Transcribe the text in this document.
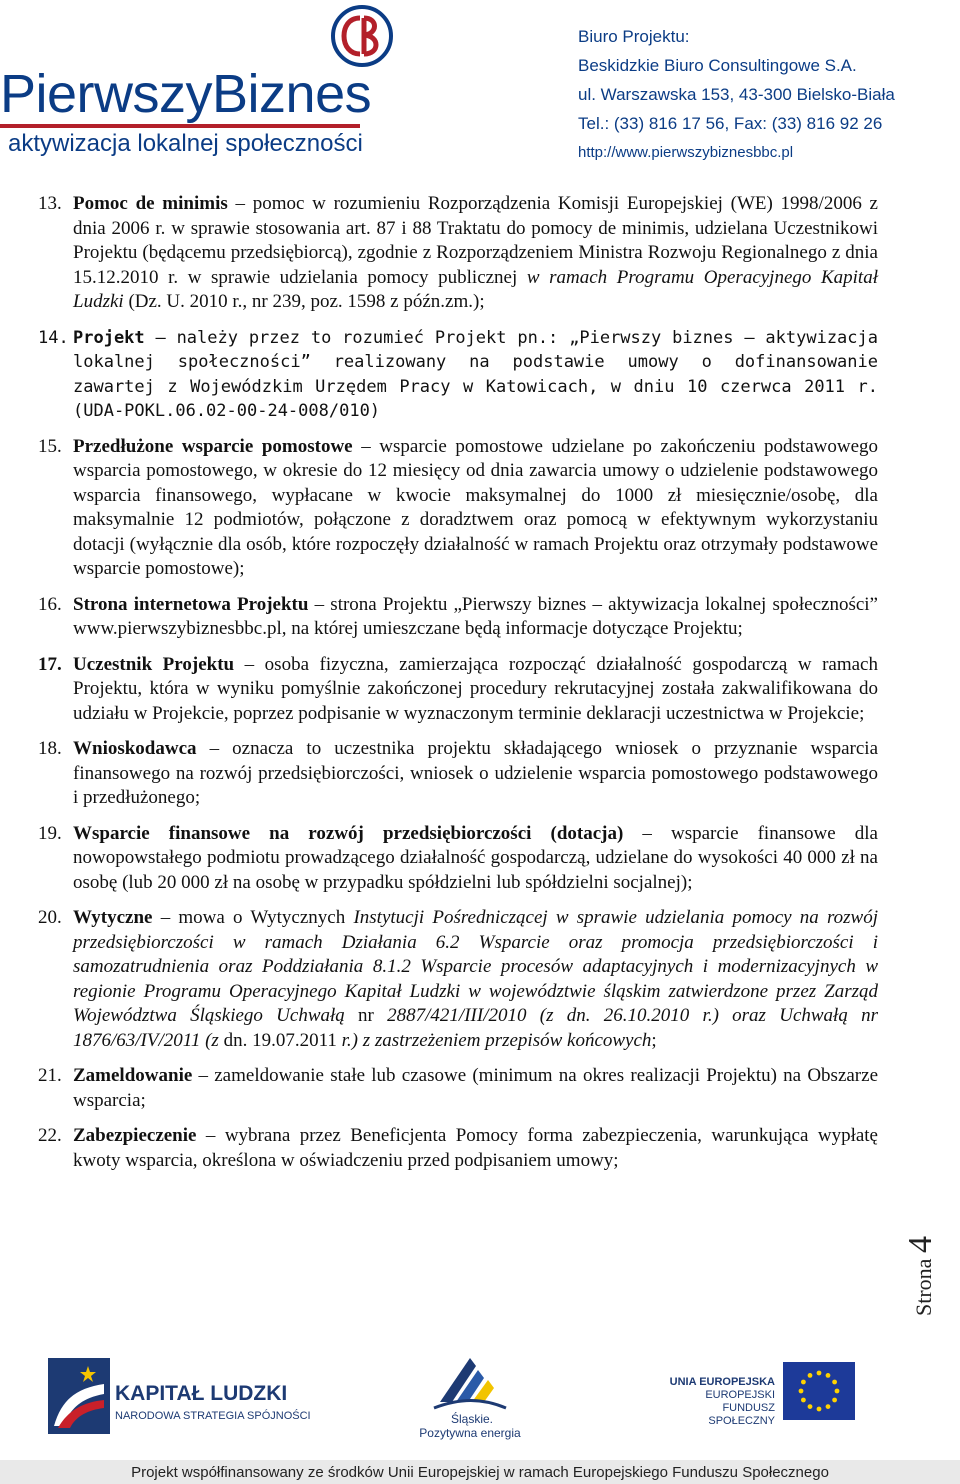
PierwszyBiznes
aktywizacja lokalnej społeczności
Biuro Projektu:
Beskidzkie Biuro Consultingowe S.A.
ul. Warszawska 153, 43-300 Bielsko-Biała
Tel.: (33) 816 17 56, Fax: (33) 816 92 26
http://www.pierwszybiznesbbc.pl
13. Pomoc de minimis – pomoc w rozumieniu Rozporządzenia Komisji Europejskiej (WE) 1998/2006 z dnia 2006 r. w sprawie stosowania art. 87 i 88 Traktatu do pomocy de minimis, udzielana Uczestnikowi Projektu (będącemu przedsiębiorcą), zgodnie z Rozporządzeniem Ministra Rozwoju Regionalnego z dnia 15.12.2010 r. w sprawie udzielania pomocy publicznej w ramach Programu Operacyjnego Kapitał Ludzki (Dz. U. 2010 r., nr 239, poz. 1598 z późn.zm.);
14. Projekt – należy przez to rozumieć Projekt pn.: „Pierwszy biznes – aktywizacja lokalnej społeczności” realizowany na podstawie umowy o dofinansowanie zawartej z Wojewódzkim Urzędem Pracy w Katowicach, w dniu 10 czerwca 2011 r. (UDA-POKL.06.02-00-24-008/010)
15. Przedłużone wsparcie pomostowe – wsparcie pomostowe udzielane po zakończeniu podstawowego wsparcia pomostowego, w okresie do 12 miesięcy od dnia zawarcia umowy o udzielenie podstawowego wsparcia finansowego, wypłacane w kwocie maksymalnej do 1000 zł miesięcznie/osobę, dla maksymalnie 12 podmiotów, połączone z doradztwem oraz pomocą w efektywnym wykorzystaniu dotacji (wyłącznie dla osób, które rozpoczęły działalność w ramach Projektu oraz otrzymały podstawowe wsparcie pomostowe);
16. Strona internetowa Projektu – strona Projektu „Pierwszy biznes – aktywizacja lokalnej społeczności” www.pierwszybiznesbbc.pl, na której umieszczane będą informacje dotyczące Projektu;
17. Uczestnik Projektu – osoba fizyczna, zamierzająca rozpocząć działalność gospodarczą w ramach Projektu, która w wyniku pomyślnie zakończonej procedury rekrutacyjnej została zakwalifikowana do udziału w Projekcie, poprzez podpisanie w wyznaczonym terminie deklaracji uczestnictwa w Projekcie;
18. Wnioskodawca – oznacza to uczestnika projektu składającego wniosek o przyznanie wsparcia finansowego na rozwój przedsiębiorczości, wniosek o udzielenie wsparcia pomostowego podstawowego i przedłużonego;
19. Wsparcie finansowe na rozwój przedsiębiorczości (dotacja) – wsparcie finansowe dla nowopowstałego podmiotu prowadzącego działalność gospodarczą, udzielane do wysokości 40 000 zł na osobę (lub 20 000 zł na osobę w przypadku spółdzielni lub spółdzielni socjalnej);
20. Wytyczne – mowa o Wytycznych Instytucji Pośredniczącej w sprawie udzielania pomocy na rozwój przedsiębiorczości w ramach Działania 6.2 Wsparcie oraz promocja przedsiębiorczości i samozatrudnienia oraz Poddziałania 8.1.2 Wsparcie procesów adaptacyjnych i modernizacyjnych w regionie Programu Operacyjnego Kapitał Ludzki w województwie śląskim zatwierdzone przez Zarząd Województwa Śląskiego Uchwałą nr 2887/421/III/2010 (z dn. 26.10.2010 r.) oraz Uchwałą nr 1876/63/IV/2011 (z dn. 19.07.2011 r.) z zastrzeżeniem przepisów końcowych;
21. Zameldowanie – zameldowanie stałe lub czasowe (minimum na okres realizacji Projektu) na Obszarze wsparcia;
22. Zabezpieczenie – wybrana przez Beneficjenta Pomocy forma zabezpieczenia, warunkująca wypłatę kwoty wsparcia, określona w oświadczeniu przed podpisaniem umowy;
Strona 4
KAPITAŁ LUDZKI
NARODOWA STRATEGIA SPÓJNOŚCI	Śląskie.
Pozytywna energia
UNIA EUROPEJSKA
EUROPEJSKI
FUNDUSZ SPOŁECZNY
Projekt współfinansowany ze środków Unii Europejskiej w ramach Europejskiego Funduszu Społecznego
